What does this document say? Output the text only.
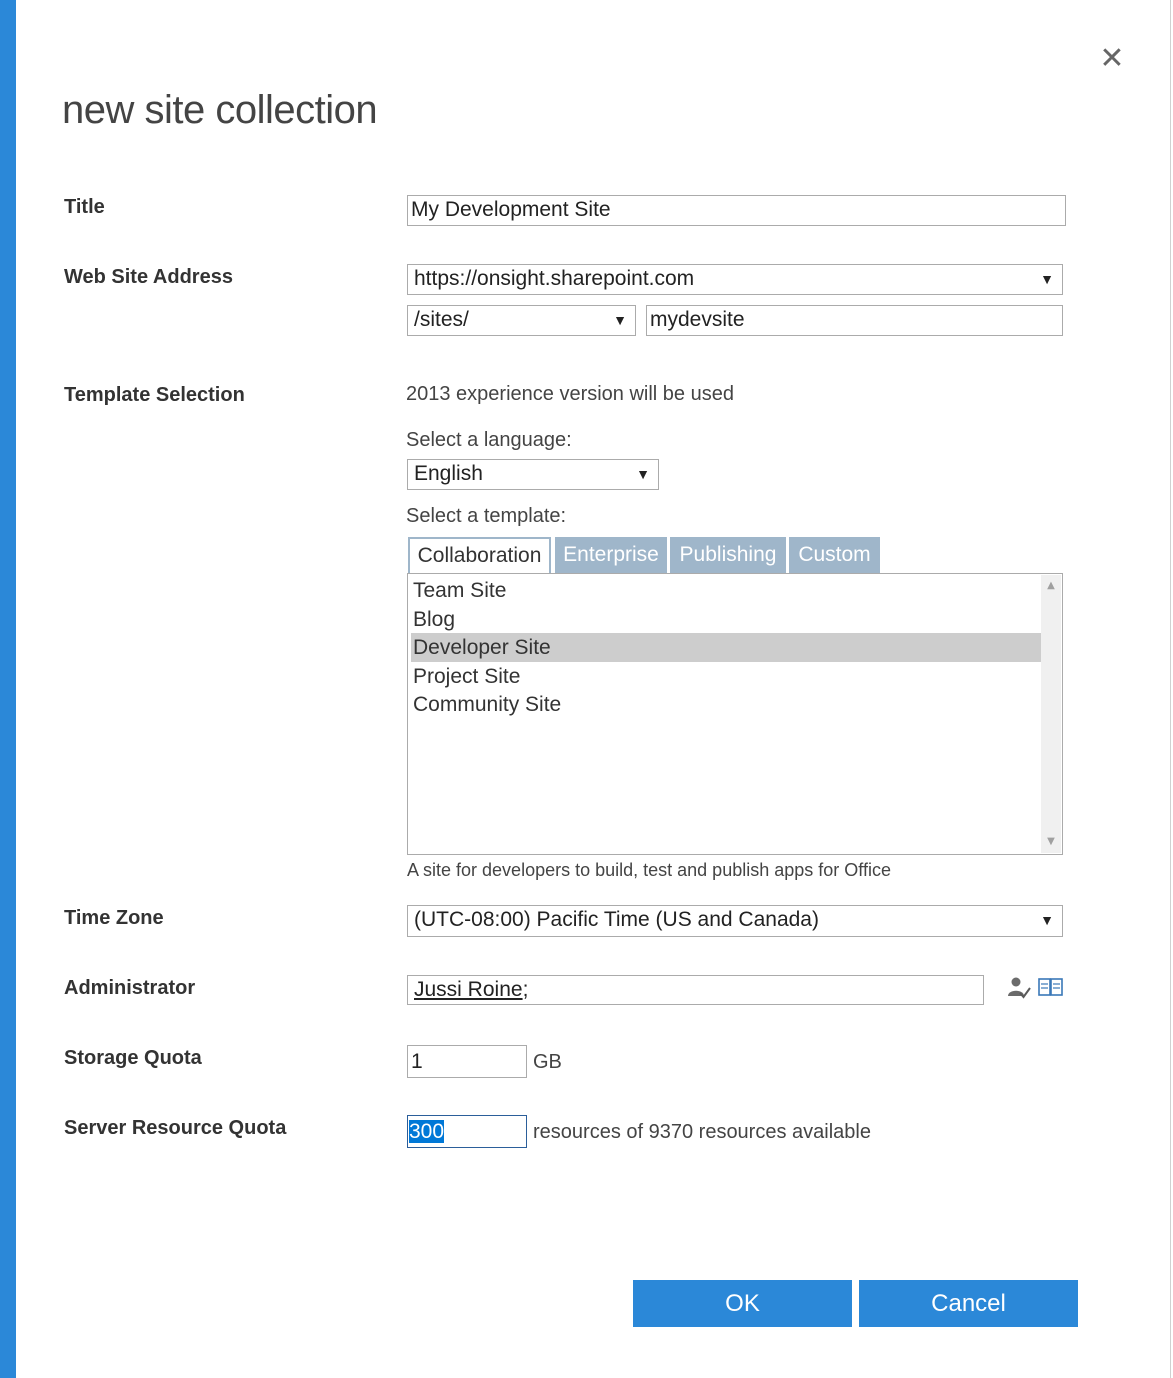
✕
new site collection
Title	My Development Site
Web Site Address	https://onsight.sharepoint.com	▼
/sites/	▼ mydevsite
Template Selection	2013 experience version will be used
Select a language:
English	▼
Select a template:
Collaboration	Enterprise Publishing	Custom
Team Site
Blog
Developer Site
Project Site
Community Site
▲
▼
A site for developers to build, test and publish apps for Office
Time Zone	(UTC-08:00) Pacific Time (US and Canada)	▼
Administrator	Jussi Roine;
Storage Quota	1	GB
Server Resource Quota	300	resources of 9370 resources available
OK	Cancel
